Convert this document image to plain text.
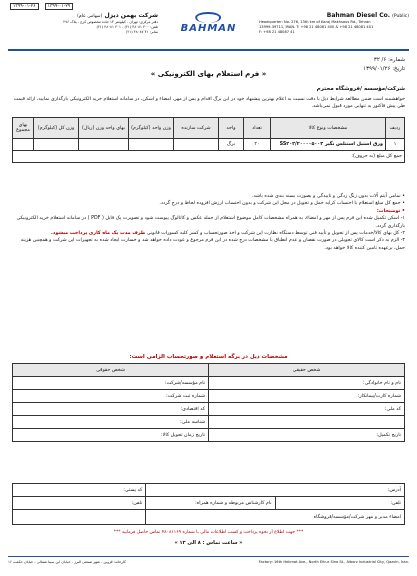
۱۳۹۹-۰۱-۲۶	۱۳۹۹-۰۱-۲۹
شرکت بهمن دیزل (سهامی عام)
دفتر مرکزی: تهران - کیلومتر ۱۳ جاده مخصوص کرج - پلاک ۲۷۶
تلفن: ۴۰۰ ۴۸۰۸۱ (۲۱) - ۴۰۱ ۴۸۰۸۱ (۲۱)
نمابر: ۴۱ ۴۸۰۸۷ (۲۱) BAHMAN
Bahman Diesel Co. (Public)
Headquarter: No. 276, 13th km of Karaj Makhsous Rd., Tehran
13999-39711, IRAN. T: +98 21 48081 400 & +98 21 48081 401
F: +98 21 48087 41
شماره: ۶/ ۳۲
تاریخ: ۱۳۹۹/۰۱/۲۶
« فرم استعلام بهای الکترونیکی »
شرکت/مؤسسه /فروشگاه محترم
خواهشمند است ضمن مطالعه شرایط ذیل با دقت نسبت به اعلام بهترین پیشنهاد خود در این برگ اقدام و پس از مهر، امضاء و اسکن، در سامانه استعلام خرید الکترونیکی بارگذاری نمایید، ارائه قیمت طی پیش فاکتور به تنهایی مورد قبول نمی‌باشد.
ردیف	مشخصات ونوع کالا	تعداد	واحد	شرکت سازنده	وزن واحد (کیلوگرم)	بهای واحد وزن (ریال)	وزن کل (کیلوگرم)	بهای مجموع
۱	ورق استیل استنلس نگیر SS۲۰۲/۲۰۰۰۰۵۰۰۳	۲۰	برگ					
جمع کل مبلغ (به حروف):								
• تمامی آیتم آلات بدون زنگ زدگی و تاییدگی و بصورت بسته بندی شده باشد.
• جمع کل مبلغ استعلام با احتساب کرایه حمل و تحویل در محل این شرکت و بدون احتساب ارزش افزوده لحاظ و درج گردد.
• توضیحات:
۱- اسکن تکمیل شده این فرم پس از مهر و امضاء، به همراه مشخصات کامل موضوع استعلام از جمله عکس و کاتالوگ پیوست شود و تصویرت یک فایل ( PDF ) در سامانه استعلام خرید الکترونیکی بارگذاری گردد.
۲- کل بهای کالا/خدمات پس از تحویل و تأیید فنی توسط دستگاه نظارت این شرکت و اخذ صورتحساب و کسر کلیه کسورات قانونی ظرف مدت یک ماه کاری پرداخت میشود.
۳- الزم به ذکر است کالای تحویلی در صورت نقصان و عدم انطباق با مشخصات درج شده در این فرم مرجوع و عودت داده خواهد شد و خسارت ایجاد شده به تجهیزات این شرکت و همچنین هزینه حمل، برعهده تامین کننده کالا خواهد بود.
مشخصات ذیل در برگه استعلام و صورتحساب الزامی است:
شخص حقیقی	شخص حقوقی
نام و نام خانوادگی:	نام مؤسسه/شرکت:
شماره کارت/پیمانکار:	شماره ثبت شرکت:
کد ملی:	کد اقتصادی:
	شناسه ملی:
تاریخ تکمیل:	تاریخ زمان تحویل کالا:
آدرس:		کد پستی:
تلفن:	نام کارشناس مربوطه و شماره همراه:	تلفن:
امضاء مدیر و مهر شرکت/مؤسسه/فروشگاه		
*** جهت اطلاع از نحوه پرداخت و کسب اطلاعات مالی با شماره ۴۸۰۸۱۱۶۹ تماس حاصل فرمایید ***
« ساعت تماس : ۸ الی ۱۳ »
کارخانه: قزوین - شهر صنعتی البرز - خیابان ابن سینا شمالی - خیابان حکمت ۱۶	Factory: 16th Hekmat Ave., North Eltr-e Sina St., Alborz Industrial City, Qazvin, Iran.
